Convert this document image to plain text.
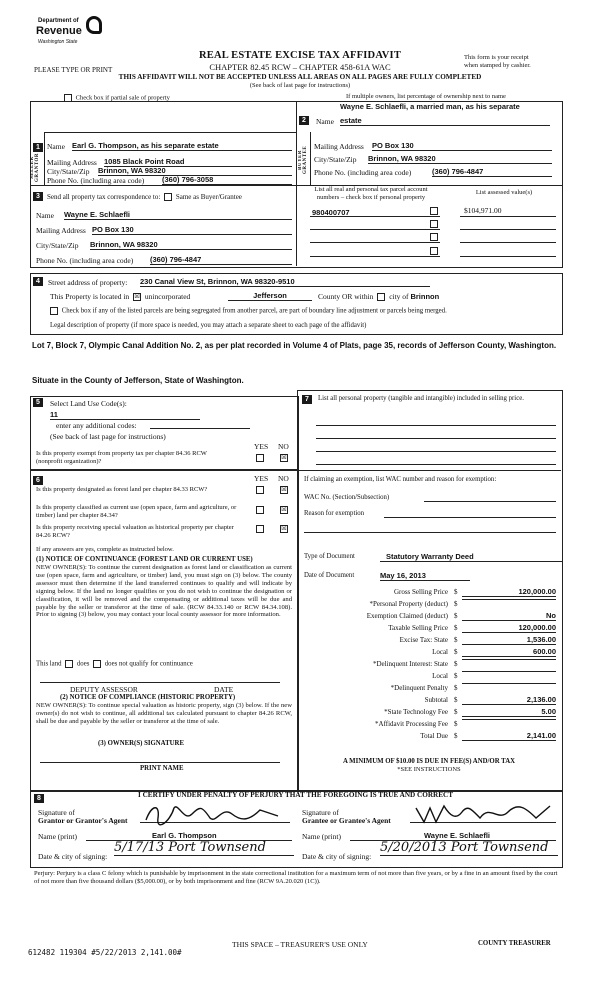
Department of
Revenue
Washington State
PLEASE TYPE OR PRINT
REAL ESTATE EXCISE TAX AFFIDAVIT
CHAPTER 82.45 RCW – CHAPTER 458-61A WAC
This form is your receipt
when stamped by cashier.
THIS AFFIDAVIT WILL NOT BE ACCEPTED UNLESS ALL AREAS ON ALL PAGES ARE FULLY COMPLETED
(See back of last page for instructions)
Check box if partial sale of property	If multiple owners, list percentage of ownership next to name
1
SELLER GRANTOR
Name Earl G. Thompson, as his separate estate
Mailing Address 1085 Black Point Road
City/State/Zip Brinnon, WA 98320
Phone No. (including area code) (360) 796-3058
Wayne E. Schlaefli, a married man, as his separate
2	Name estate
BUYER GRANTEE Mailing Address PO Box 130
City/State/Zip Brinnon, WA 98320
Phone No. (including area code)	(360) 796-4847
3	Send all property tax correspondence to: Same as Buyer/Grantee
Name Wayne E. Schlaefli
Mailing Address PO Box 130
City/State/Zip Brinnon, WA 98320
Phone No. (including area code) (360) 796-4847
List all real and personal tax parcel account
numbers – check box if personal property
List assessed value(s)
980400707	$104,971.00
4	Street address of property: 230 Canal View St, Brinnon, WA 98320-9510
This Property is located in ☒ unincorporated	Jefferson	County OR within city of Brinnon
Check box if any of the listed parcels are being segregated from another parcel, are part of boundary line adjustment or parcels being merged.
Legal description of property (if more space is needed, you may attach a separate sheet to each page of the affidavit)
Lot 7, Block 7, Olympic Canal Addition No. 2, as per plat recorded in Volume 4 of Plats, page 35, records of Jefferson County, Washington.
Situate in the County of Jefferson, State of Washington.
5	Select Land Use Code(s):
11
enter any additional codes:
(See back of last page for instructions)
YES NO
Is this property exempt from property tax per chapter 84.36 RCW (nonprofit organization)?	☒
6	YES NO
Is this property designated as forest land per chapter 84.33 RCW?	☒
Is this property classified as current use (open space, farm and agriculture, or timber) land per chapter 84.34?
☒
Is this property receiving special valuation as historical property per chapter 84.26 RCW?
☒
If any answers are yes, complete as instructed below.
(1) NOTICE OF CONTINUANCE (FOREST LAND OR CURRENT USE)
NEW OWNER(S): To continue the current designation as forest land or classification as current use (open space, farm and agriculture, or timber) land, you must sign on (3) below. The county assessor must then determine if the land transferred continues to qualify and will indicate by signing below. If the land no longer qualifies or you do not wish to continue the designation or classification, it will be removed and the compensating or additional taxes will be due and payable by the seller or transferor at the time of sale. (RCW 84.33.140 or RCW 84.34.108). Prior to signing (3) below, you may contact your local county assessor for more information.
This land does does not qualify for continuance
DEPUTY ASSESSOR	DATE
(2) NOTICE OF COMPLIANCE (HISTORIC PROPERTY)
NEW OWNER(S): To continue special valuation as historic property, sign (3) below. If the new owner(s) do not wish to continue, all additional tax calculated pursuant to chapter 84.26 RCW, shall be due and payable by the seller or transferor at the time of sale.
(3) OWNER(S) SIGNATURE
PRINT NAME
7	List all personal property (tangible and intangible) included in selling price.
If claiming an exemption, list WAC number and reason for exemption:
WAC No. (Section/Subsection)
Reason for exemption
Type of Document	Statutory Warranty Deed
Date of Document	May 16, 2013
Gross Selling Price $	120,000.00
*Personal Property (deduct) $
Exemption Claimed (deduct) $	No
Taxable Selling Price $	120,000.00
Excise Tax: State $	1,536.00
Local $	600.00
*Delinquent Interest: State $
Local $
*Delinquent Penalty $
Subtotal $	2,136.00
*State Technology Fee $	5.00
*Affidavit Processing Fee $
Total Due $	2,141.00
A MINIMUM OF $10.00 IS DUE IN FEE(S) AND/OR TAX
*SEE INSTRUCTIONS
8	I CERTIFY UNDER PENALTY OF PERJURY THAT THE FOREGOING IS TRUE AND CORRECT
Signature of
Grantor or Grantor's Agent
Signature of
Grantee or Grantee's Agent
Name (print)	Earl G. Thompson	Name (print)	Wayne E. Schlaefli
Date & city of signing:
5/17/13 Port Townsend
Date & city of signing:
5/20/2013 Port Townsend
Perjury: Perjury is a class C felony which is punishable by imprisonment in the state correctional institution for a maximum term of not more than five years, or by a fine in an amount fixed by the court of not more than five thousand dollars ($5,000.00), or by both imprisonment and fine (RCW 9A.20.020 (1C)).
612482 119304 #5/22/2013 2,141.00#
THIS SPACE – TREASURER'S USE ONLY	COUNTY TREASURER
